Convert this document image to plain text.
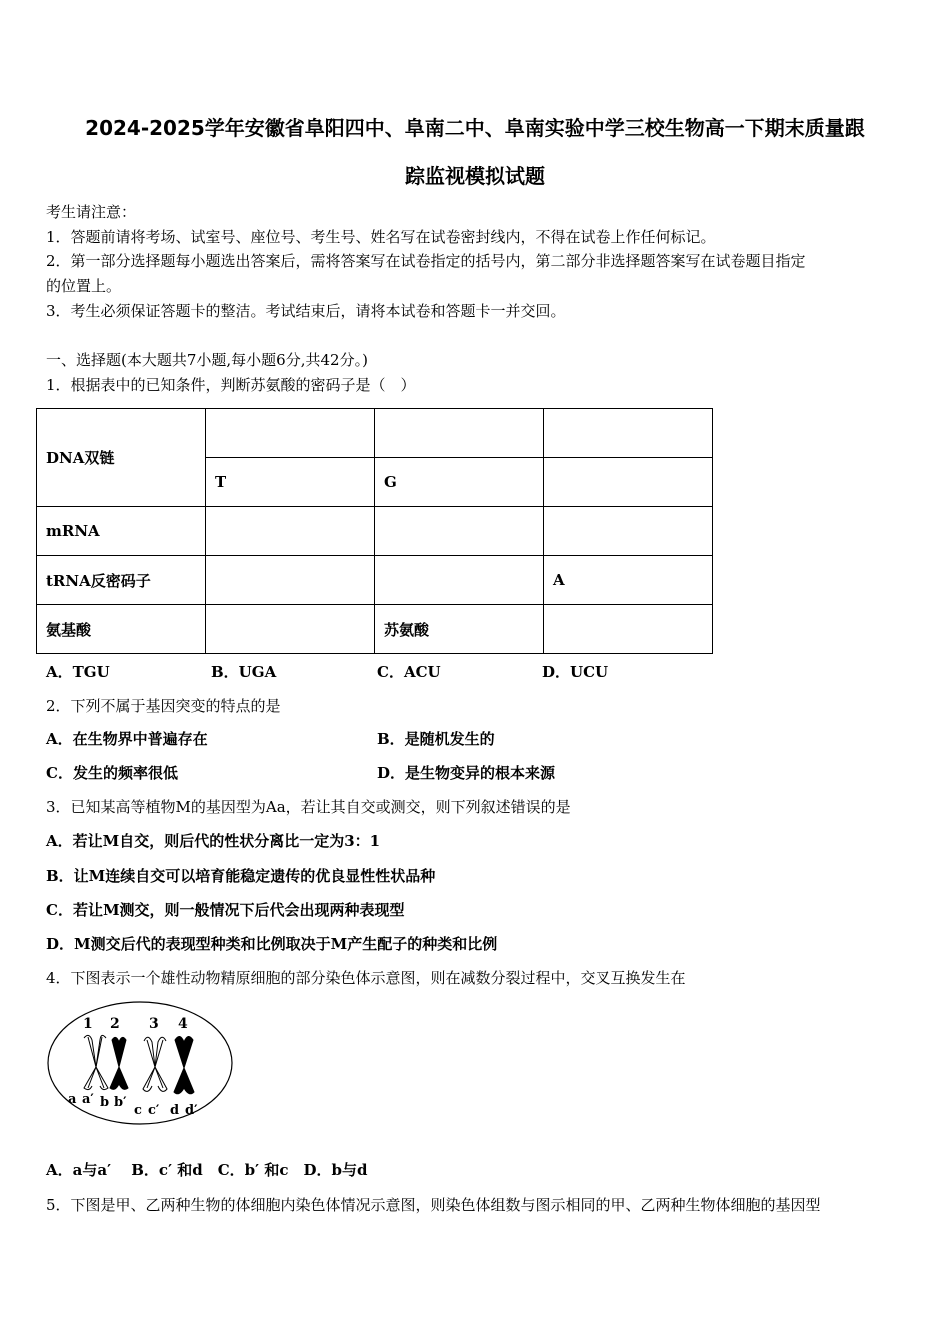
2024-2025学年安徽省阜阳四中、阜南二中、阜南实验中学三校生物高一下期末质量跟
踪监视模拟试题
考生请注意：
1．答题前请将考场、试室号、座位号、考生号、姓名写在试卷密封线内，不得在试卷上作任何标记。
2．第一部分选择题每小题选出答案后，需将答案写在试卷指定的括号内，第二部分非选择题答案写在试卷题目指定
的位置上。
3．考生必须保证答题卡的整洁。考试结束后，请将本试卷和答题卡一并交回。
一、选择题(本大题共7小题,每小题6分,共42分。)
1．根据表中的已知条件，判断苏氨酸的密码子是（　）
DNA双链			
	T	G	
mRNA			
tRNA反密码子			A
氨基酸		苏氨酸	
A．TGU	B．UGA	C．ACU	D．UCU
2．下列不属于基因突变的特点的是
A．在生物界中普遍存在	B．是随机发生的
C．发生的频率很低	D．是生物变异的根本来源
3．已知某高等植物M的基因型为Aa，若让其自交或测交，则下列叙述错误的是
A．若让M自交，则后代的性状分离比一定为3：1
B．让M连续自交可以培育能稳定遗传的优良显性性状品种
C．若让M测交，则一般情况下后代会出现两种表现型
D．M测交后代的表现型种类和比例取决于M产生配子的种类和比例
4．下图表示一个雄性动物精原细胞的部分染色体示意图，则在减数分裂过程中，交叉互换发生在
1 2 3 4
a a′ b b′
c c′ d d′
A．a与a′　 B．c′ 和d　C．b′ 和c　D．b与d
5．下图是甲、乙两种生物的体细胞内染色体情况示意图，则染色体组数与图示相同的甲、乙两种生物体细胞的基因型
